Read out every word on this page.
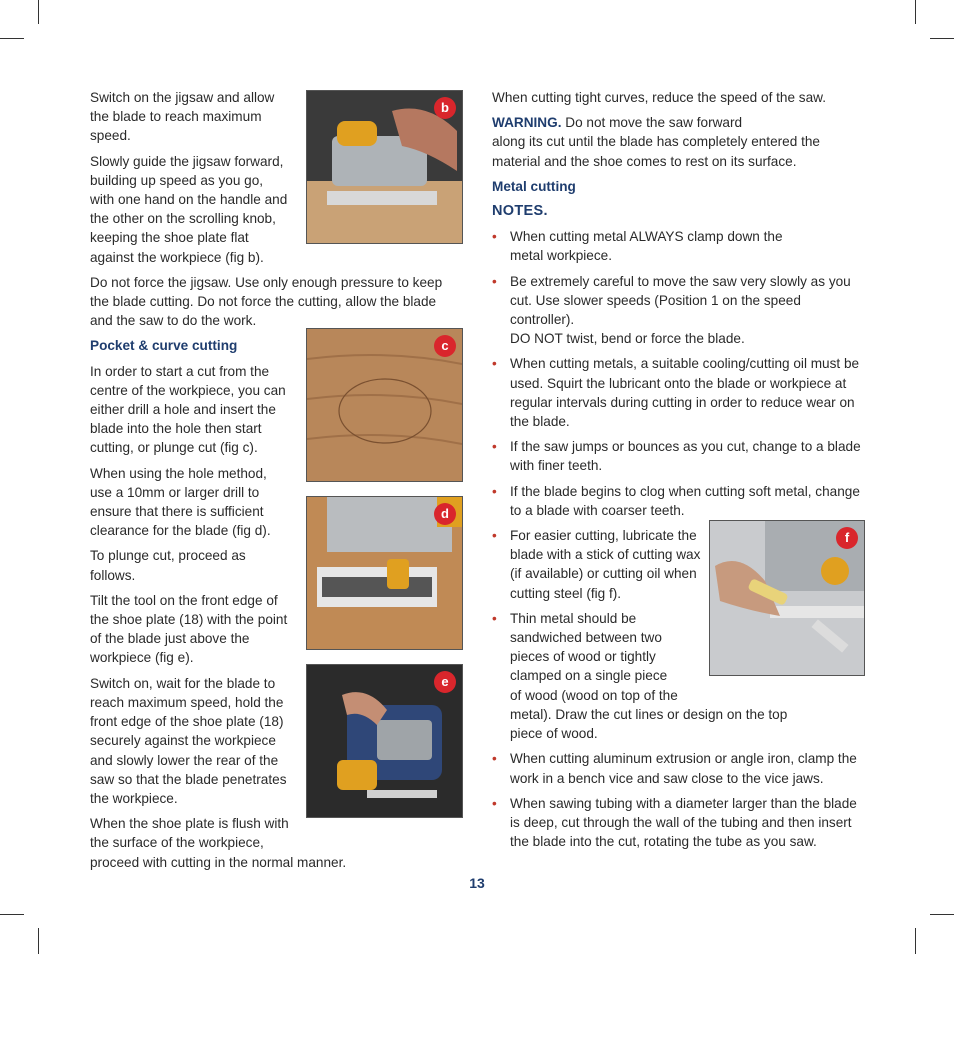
Switch on the jigsaw and allow the blade to reach maximum speed.

Slowly guide the jigsaw forward, building up speed as you go, with one hand on the handle and the other on the scrolling knob, keeping the shoe plate flat against the workpiece (fig b).

Do not force the jigsaw. Use only enough pressure to keep the blade cutting. Do not force the cutting, allow the blade and the saw to do the work.

Pocket & curve cutting

In order to start a cut from the centre of the workpiece, you can either drill a hole and insert the blade into the hole then start cutting, or plunge cut (fig c).

When using the hole method, use a 10mm or larger drill to ensure that there is sufficient clearance for the blade (fig d).

To plunge cut, proceed as follows.

Tilt the tool on the front edge of the shoe plate (18) with the point of the blade just above the workpiece (fig e).

Switch on, wait for the blade to reach maximum speed, hold the front edge of the shoe plate (18) securely against the workpiece and slowly lower the rear of the saw so that the blade penetrates the workpiece.

When the shoe plate is flush with the surface of the workpiece,
proceed with cutting in the normal manner.

b
c
d
e

When cutting tight curves, reduce the speed of the saw.

WARNING. Do not move the saw forward
along its cut until the blade has completely entered the material and the shoe comes to rest on its surface.

Metal cutting
NOTES.
• When cutting metal ALWAYS clamp down the metal workpiece.
• Be extremely careful to move the saw very slowly as you cut. Use slower speeds (Position 1 on the speed controller).
DO NOT twist, bend or force the blade.
• When cutting metals, a suitable cooling/cutting oil must be used. Squirt the lubricant onto the blade or workpiece at regular intervals during cutting in order to reduce wear on the blade.
• If the saw jumps or bounces as you cut, change to a blade with finer teeth.
• If the blade begins to clog when cutting soft metal, change to a blade with coarser teeth.
• For easier cutting, lubricate the blade with a stick of cutting wax (if available) or cutting oil when cutting steel (fig f).
• Thin metal should be sandwiched between two pieces of wood or tightly clamped on a single piece of wood (wood on top of the
metal). Draw the cut lines or design on the top piece of wood.
• When cutting aluminum extrusion or angle iron, clamp the work in a bench vice and saw close to the vice jaws.
• When sawing tubing with a diameter larger than the blade is deep, cut through the wall of the tubing and then insert the blade into the cut, rotating the tube as you saw.
f
13
